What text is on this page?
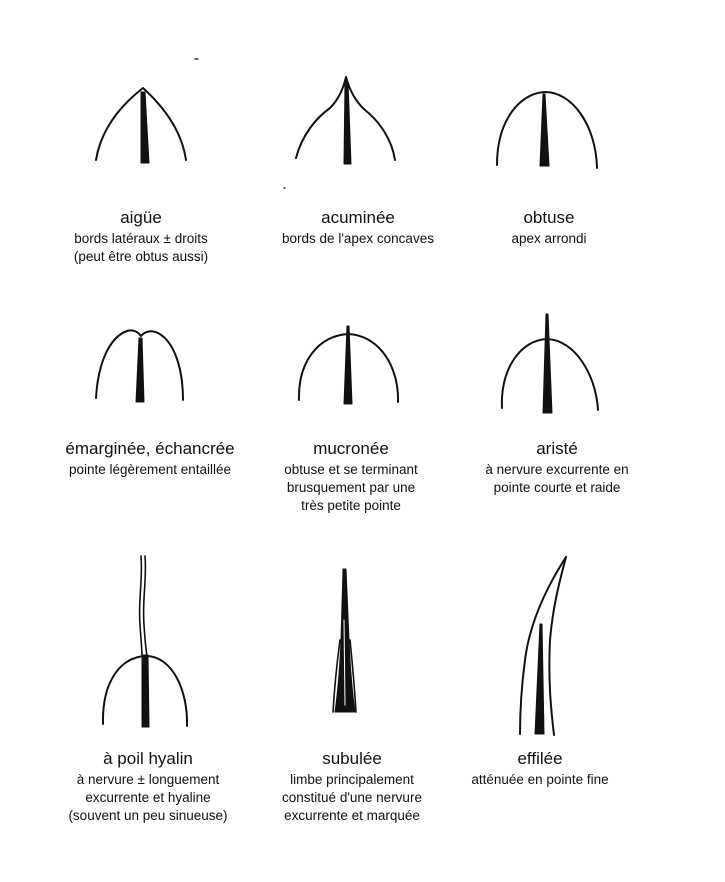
aigüe

bords latéraux ± droits
(peut être obtus aussi)

acuminée

bords de l'apex concaves

obtuse

apex arrondi

émarginée, échancrée

pointe légèrement entaillée

mucronée

obtuse et se terminant
brusquement par une
très petite pointe

aristé

à nervure excurrente en
pointe courte et raide

à poil hyalin

à nervure ± longuement
excurrente et hyaline
(souvent un peu sinueuse)

subulée

limbe principalement
constitué d'une nervure
excurrente et marquée

effilée

atténuée en pointe fine
